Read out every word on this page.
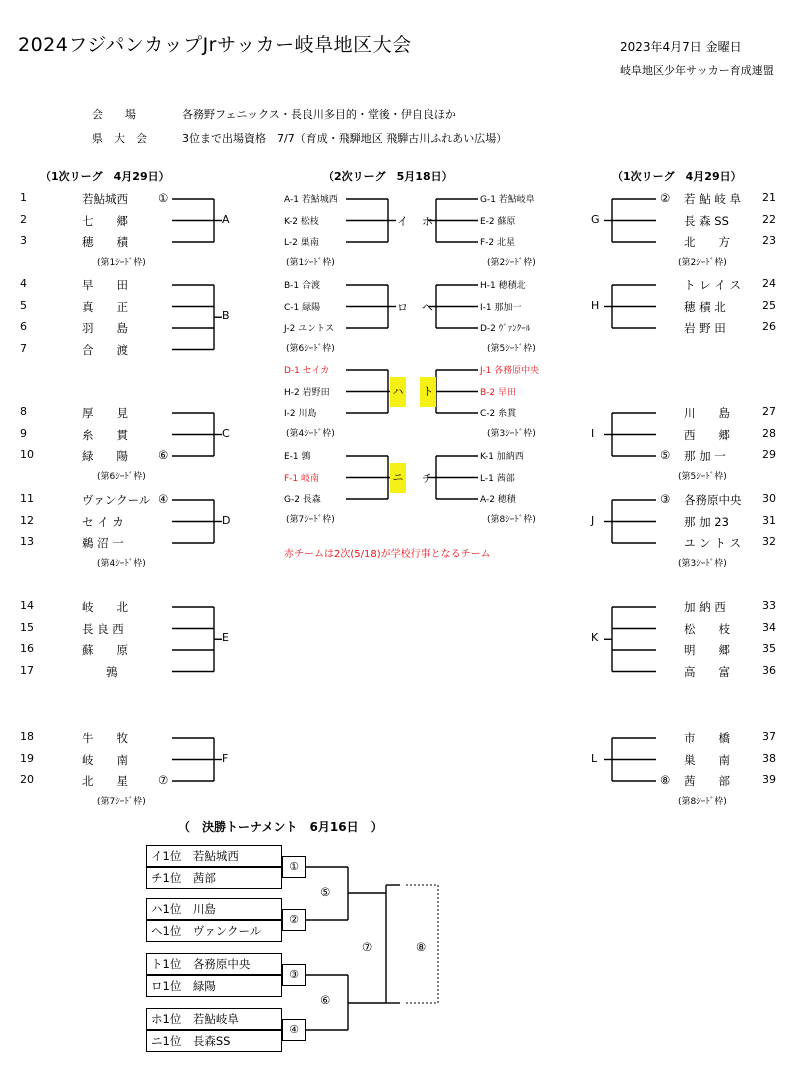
2024フジパンカップJrサッカー岐阜地区大会	2023年4月7日 金曜日
岐阜地区少年サッカー育成連盟
会　　場	各務野フェニックス・長良川多目的・堂後・伊自良ほか
県　大　会	3位まで出場資格　7/7（育成・飛騨地区 飛騨古川ふれあい広場）
（1次リーグ　4月29日）	（2次リーグ　5月18日）	（1次リーグ　4月29日）
1	若鮎城西	①
2	七　　郷
3	穂　　積
A
(第1ｼｰﾄﾞ枠)
4	早　　田
5	真　　正
6	羽　　島
7	合　　渡
B
8	厚　　見
9	糸　　貫
10	緑　　陽	⑥
C
(第6ｼｰﾄﾞ枠)
11	ヴァンクール ④
12	セ イ カ
13	鵜 沼 一
D
(第4ｼｰﾄﾞ枠)
14	岐　　北
15	長 良 西
16	蘇　　原
17	鶉
E
18	牛　　牧
19	岐　　南
20	北　　星	⑦
F
(第7ｼｰﾄﾞ枠)
② 若 鮎 岐 阜	21
長 森 SS	22
北　　方	23
G
(第2ｼｰﾄﾞ枠)
ト レ イ ス	24
穂 積 北	25
岩 野 田	26
H
川　　島	27
西　　郷	28
⑤ 那 加 一	29
I
(第5ｼｰﾄﾞ枠)
③ 各務原中央	30
那 加 23	31
ユ ン ト ス	32
J
(第3ｼｰﾄﾞ枠)
加 納 西	33
松　　枝	34
明　　郷	35
高　　富	36
K
市　　橋	37
巣　　南	38
⑧ 茜　　部	39
L
(第8ｼｰﾄﾞ枠)
A-1 若鮎城西
K-2 松枝
L-2 巣南
イ
(第1ｼｰﾄﾞ枠)
B-1 合渡
C-1 緑陽
J-2 ユントス
ロ
(第6ｼｰﾄﾞ枠)
D-1 セイカ
H-2 岩野田
I-2 川島
ハ
(第4ｼｰﾄﾞ枠)
E-1 鶉
F-1 岐南
G-2 長森
ニ
(第7ｼｰﾄﾞ枠)
G-1 若鮎岐阜
E-2 蘇原
F-2 北星
ホ
(第2ｼｰﾄﾞ枠)
H-1 穂積北
I-1 那加一
D-2 ｳﾞｧﾝｸｰﾙ
ヘ
(第5ｼｰﾄﾞ枠)
J-1 各務原中央
B-2 早田
C-2 糸貫
ト
(第3ｼｰﾄﾞ枠)
K-1 加納西
L-1 茜部
A-2 穂積
チ
(第8ｼｰﾄﾞ枠)
イ1位　若鮎城西
チ1位　茜部
ハ1位　川島
ヘ1位　ヴァンクール
ト1位　各務原中央
ロ1位　緑陽
ホ1位　若鮎岐阜
ニ1位　長森SS
①
②
③
④
⑤
⑥
⑦	⑧
赤チームは2次(5/18)が学校行事となるチーム
（　決勝トーナメント　6月16日　）
